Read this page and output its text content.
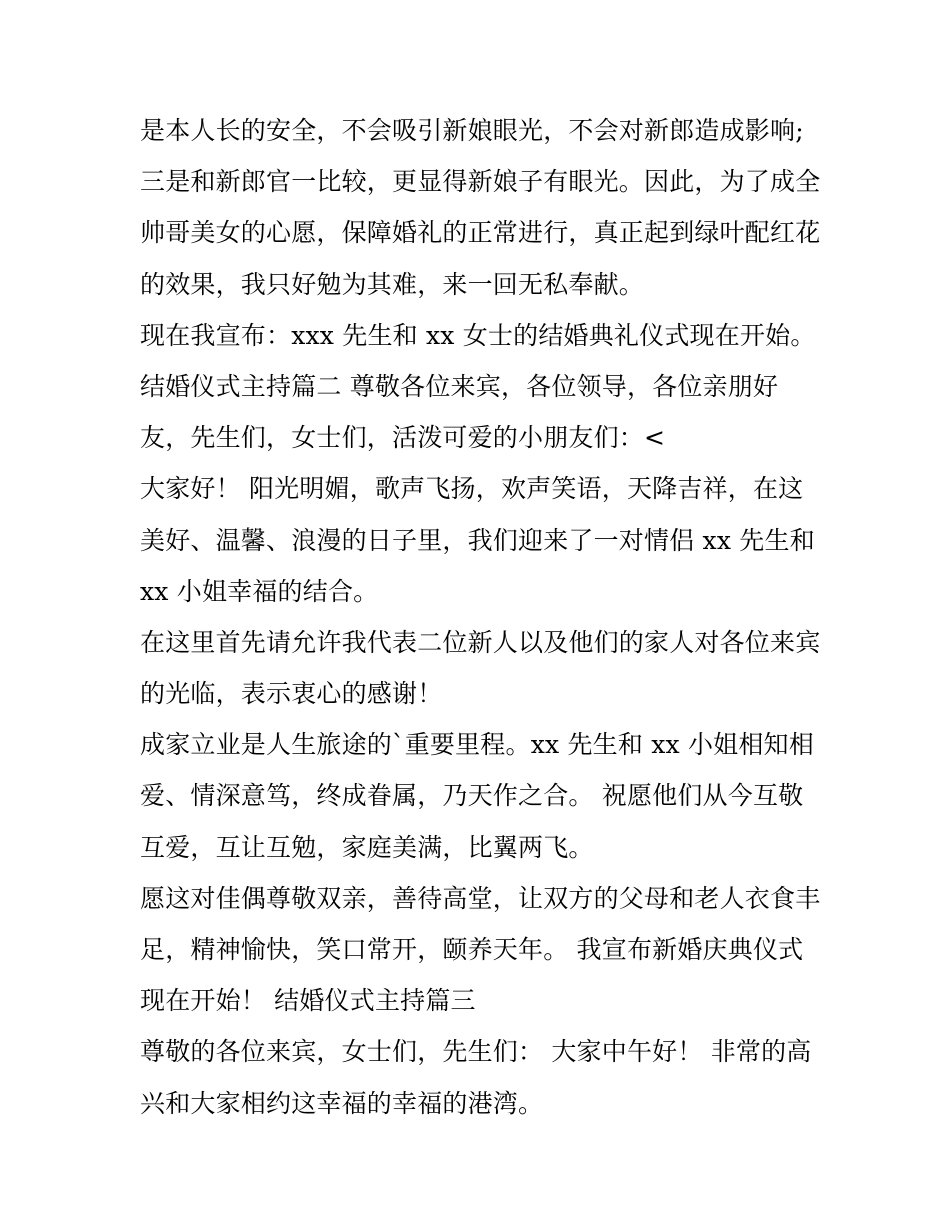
是本人长的安全，不会吸引新娘眼光，不会对新郎造成影响;
三是和新郎官一比较，更显得新娘子有眼光。因此，为了成全
帅哥美女的心愿，保障婚礼的正常进行，真正起到绿叶配红花
的效果，我只好勉为其难，来一回无私奉献。
现在我宣布：xxx 先生和 xx 女士的结婚典礼仪式现在开始。
结婚仪式主持篇二 尊敬各位来宾，各位领导，各位亲朋好
友，先生们，女士们，活泼可爱的小朋友们：<
大家好！ 阳光明媚，歌声飞扬，欢声笑语，天降吉祥，在这
美好、温馨、浪漫的日子里，我们迎来了一对情侣 xx 先生和
xx 小姐幸福的结合。
在这里首先请允许我代表二位新人以及他们的家人对各位来宾
的光临，表示衷心的感谢！
成家立业是人生旅途的`重要里程。xx 先生和 xx 小姐相知相
爱、情深意笃，终成眷属，乃天作之合。 祝愿他们从今互敬
互爱，互让互勉，家庭美满，比翼两飞。
愿这对佳偶尊敬双亲，善待高堂，让双方的父母和老人衣食丰
足，精神愉快，笑口常开，颐养天年。 我宣布新婚庆典仪式
现在开始！ 结婚仪式主持篇三
尊敬的各位来宾，女士们，先生们： 大家中午好！ 非常的高
兴和大家相约这幸福的幸福的港湾。
